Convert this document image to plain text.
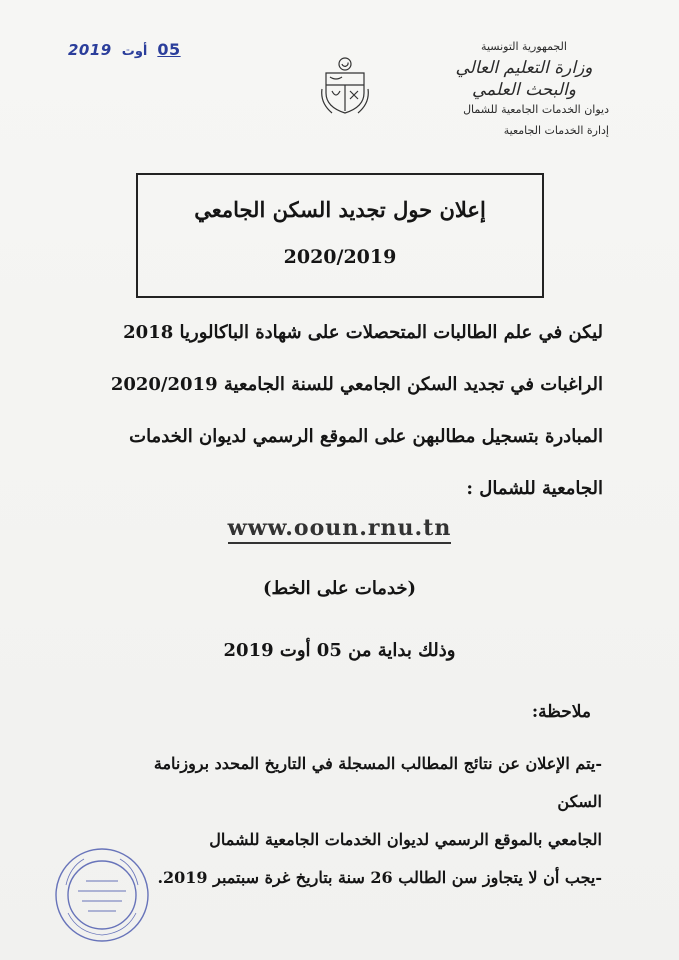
2019 أوت 05	الجمهورية التونسية
وزارة التعليم العالي
والبحث العلمي
ديوان الخدمات الجامعية للشمال
إدارة الخدمات الجامعية
إعلان حول تجديد السكن الجامعي
2020/2019
ليكن في علم الطالبات المتحصلات على شهادة الباكالوريا 2018
الراغبات في تجديد السكن الجامعي للسنة الجامعية 2020/2019
المبادرة بتسجيل مطالبهن على الموقع الرسمي لديوان الخدمات
الجامعية للشمال :
www.ooun.rnu.tn
(خدمات على الخط)
وذلك بداية من 05 أوت 2019
ملاحظة:

-يتم الإعلان عن نتائج المطالب المسجلة في التاريخ المحدد بروزنامة السكن

الجامعي بالموقع الرسمي لديوان الخدمات الجامعية للشمال

-يجب أن لا يتجاوز سن الطالب 26 سنة بتاريخ غرة سبتمبر 2019.
